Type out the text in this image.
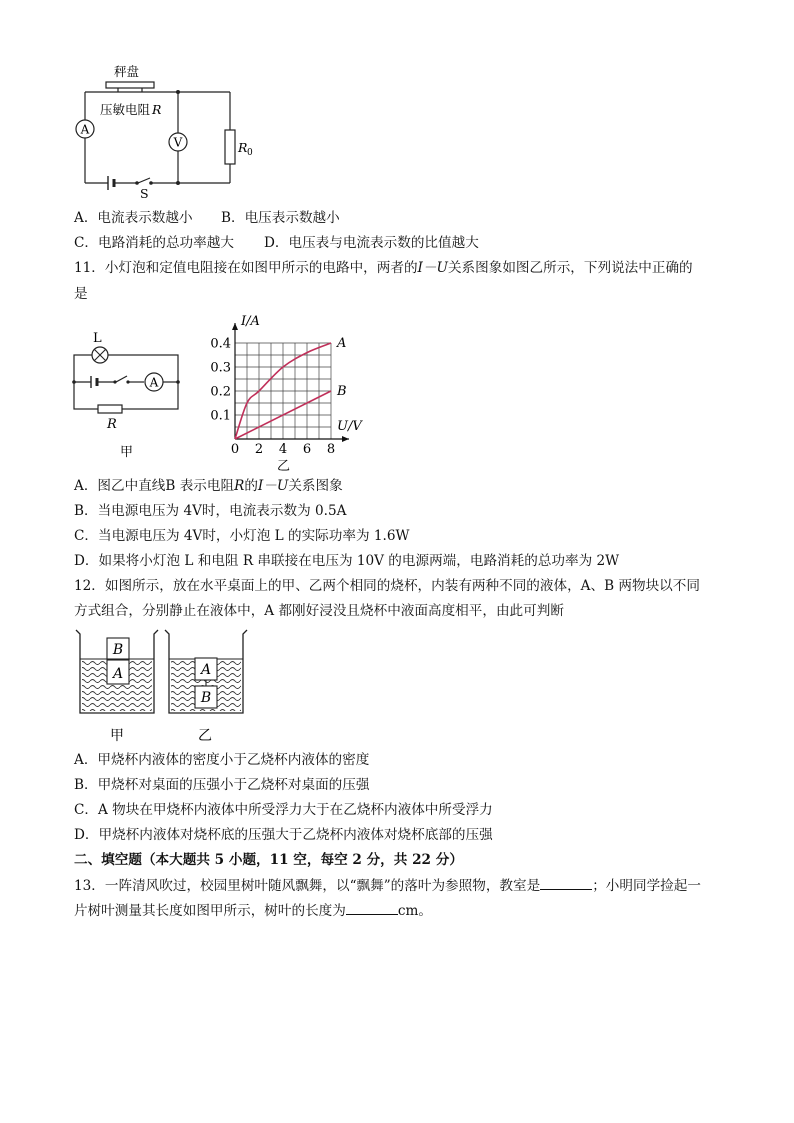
A
V
秤盘
压敏电阻 R
R 0
S
A．电流表示数越小 B．电压表示数越小
C．电路消耗的总功率越大 D．电压表与电流表示数的比值越大
11．小灯泡和定值电阻接在如图甲所示的电路中，两者的I－U关系图象如图乙所示，下列说法中正确的
是
L
A
R
甲	0 2 4 6 8
0.1
0.2
0.3
0.4	A
B
I/A
U/V
乙
A．图乙中直线B 表示电阻R的I－U关系图象
B．当电源电压为 4V时，电流表示数为 0.5A
C．当电源电压为 4V时，小灯泡 L 的实际功率为 1.6W
D．如果将小灯泡 L 和电阻 R 串联接在电压为 10V 的电源两端，电路消耗的总功率为 2W
12．如图所示，放在水平桌面上的甲、乙两个相同的烧杯，内装有两种不同的液体，A、B 两物块以不同
方式组合，分别静止在液体中，A 都刚好浸没且烧杯中液面高度相平，由此可判断
B
A	A
B
甲	乙
A．甲烧杯内液体的密度小于乙烧杯内液体的密度
B．甲烧杯对桌面的压强小于乙烧杯对桌面的压强
C．A 物块在甲烧杯内液体中所受浮力大于在乙烧杯内液体中所受浮力
D．甲烧杯内液体对烧杯底的压强大于乙烧杯内液体对烧杯底部的压强
二、填空题（本大题共 5 小题，11 空，每空 2 分，共 22 分）
13．一阵清风吹过，校园里树叶随风飘舞，以“飘舞”的落叶为参照物，教室是	；小明同学捡起一
片树叶测量其长度如图甲所示，树叶的长度为	cm。
